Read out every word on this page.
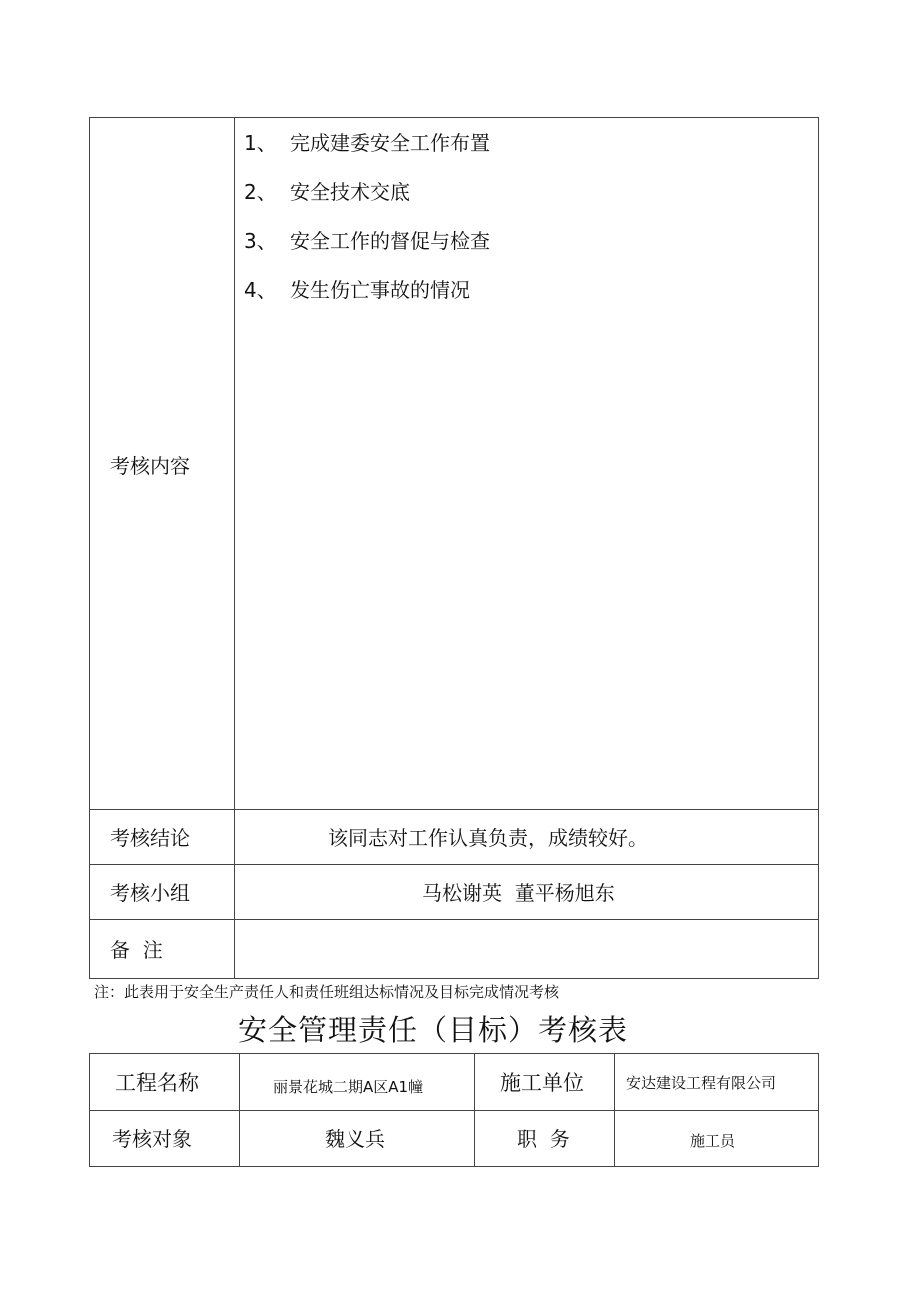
考核内容
1、 完成建委安全工作布置
2、 安全技术交底
3、 安全工作的督促与检查
4、 发生伤亡事故的情况
考核结论	该同志对工作认真负责，成绩较好。
考核小组	马松谢英  董平杨旭东
备  注
注：此表用于安全生产责任人和责任班组达标情况及目标完成情况考核
安全管理责任（目标）考核表
工程名称	丽景花城二期A区A1幢	施工单位	安达建设工程有限公司
考核对象	魏义兵	职  务	施工员
